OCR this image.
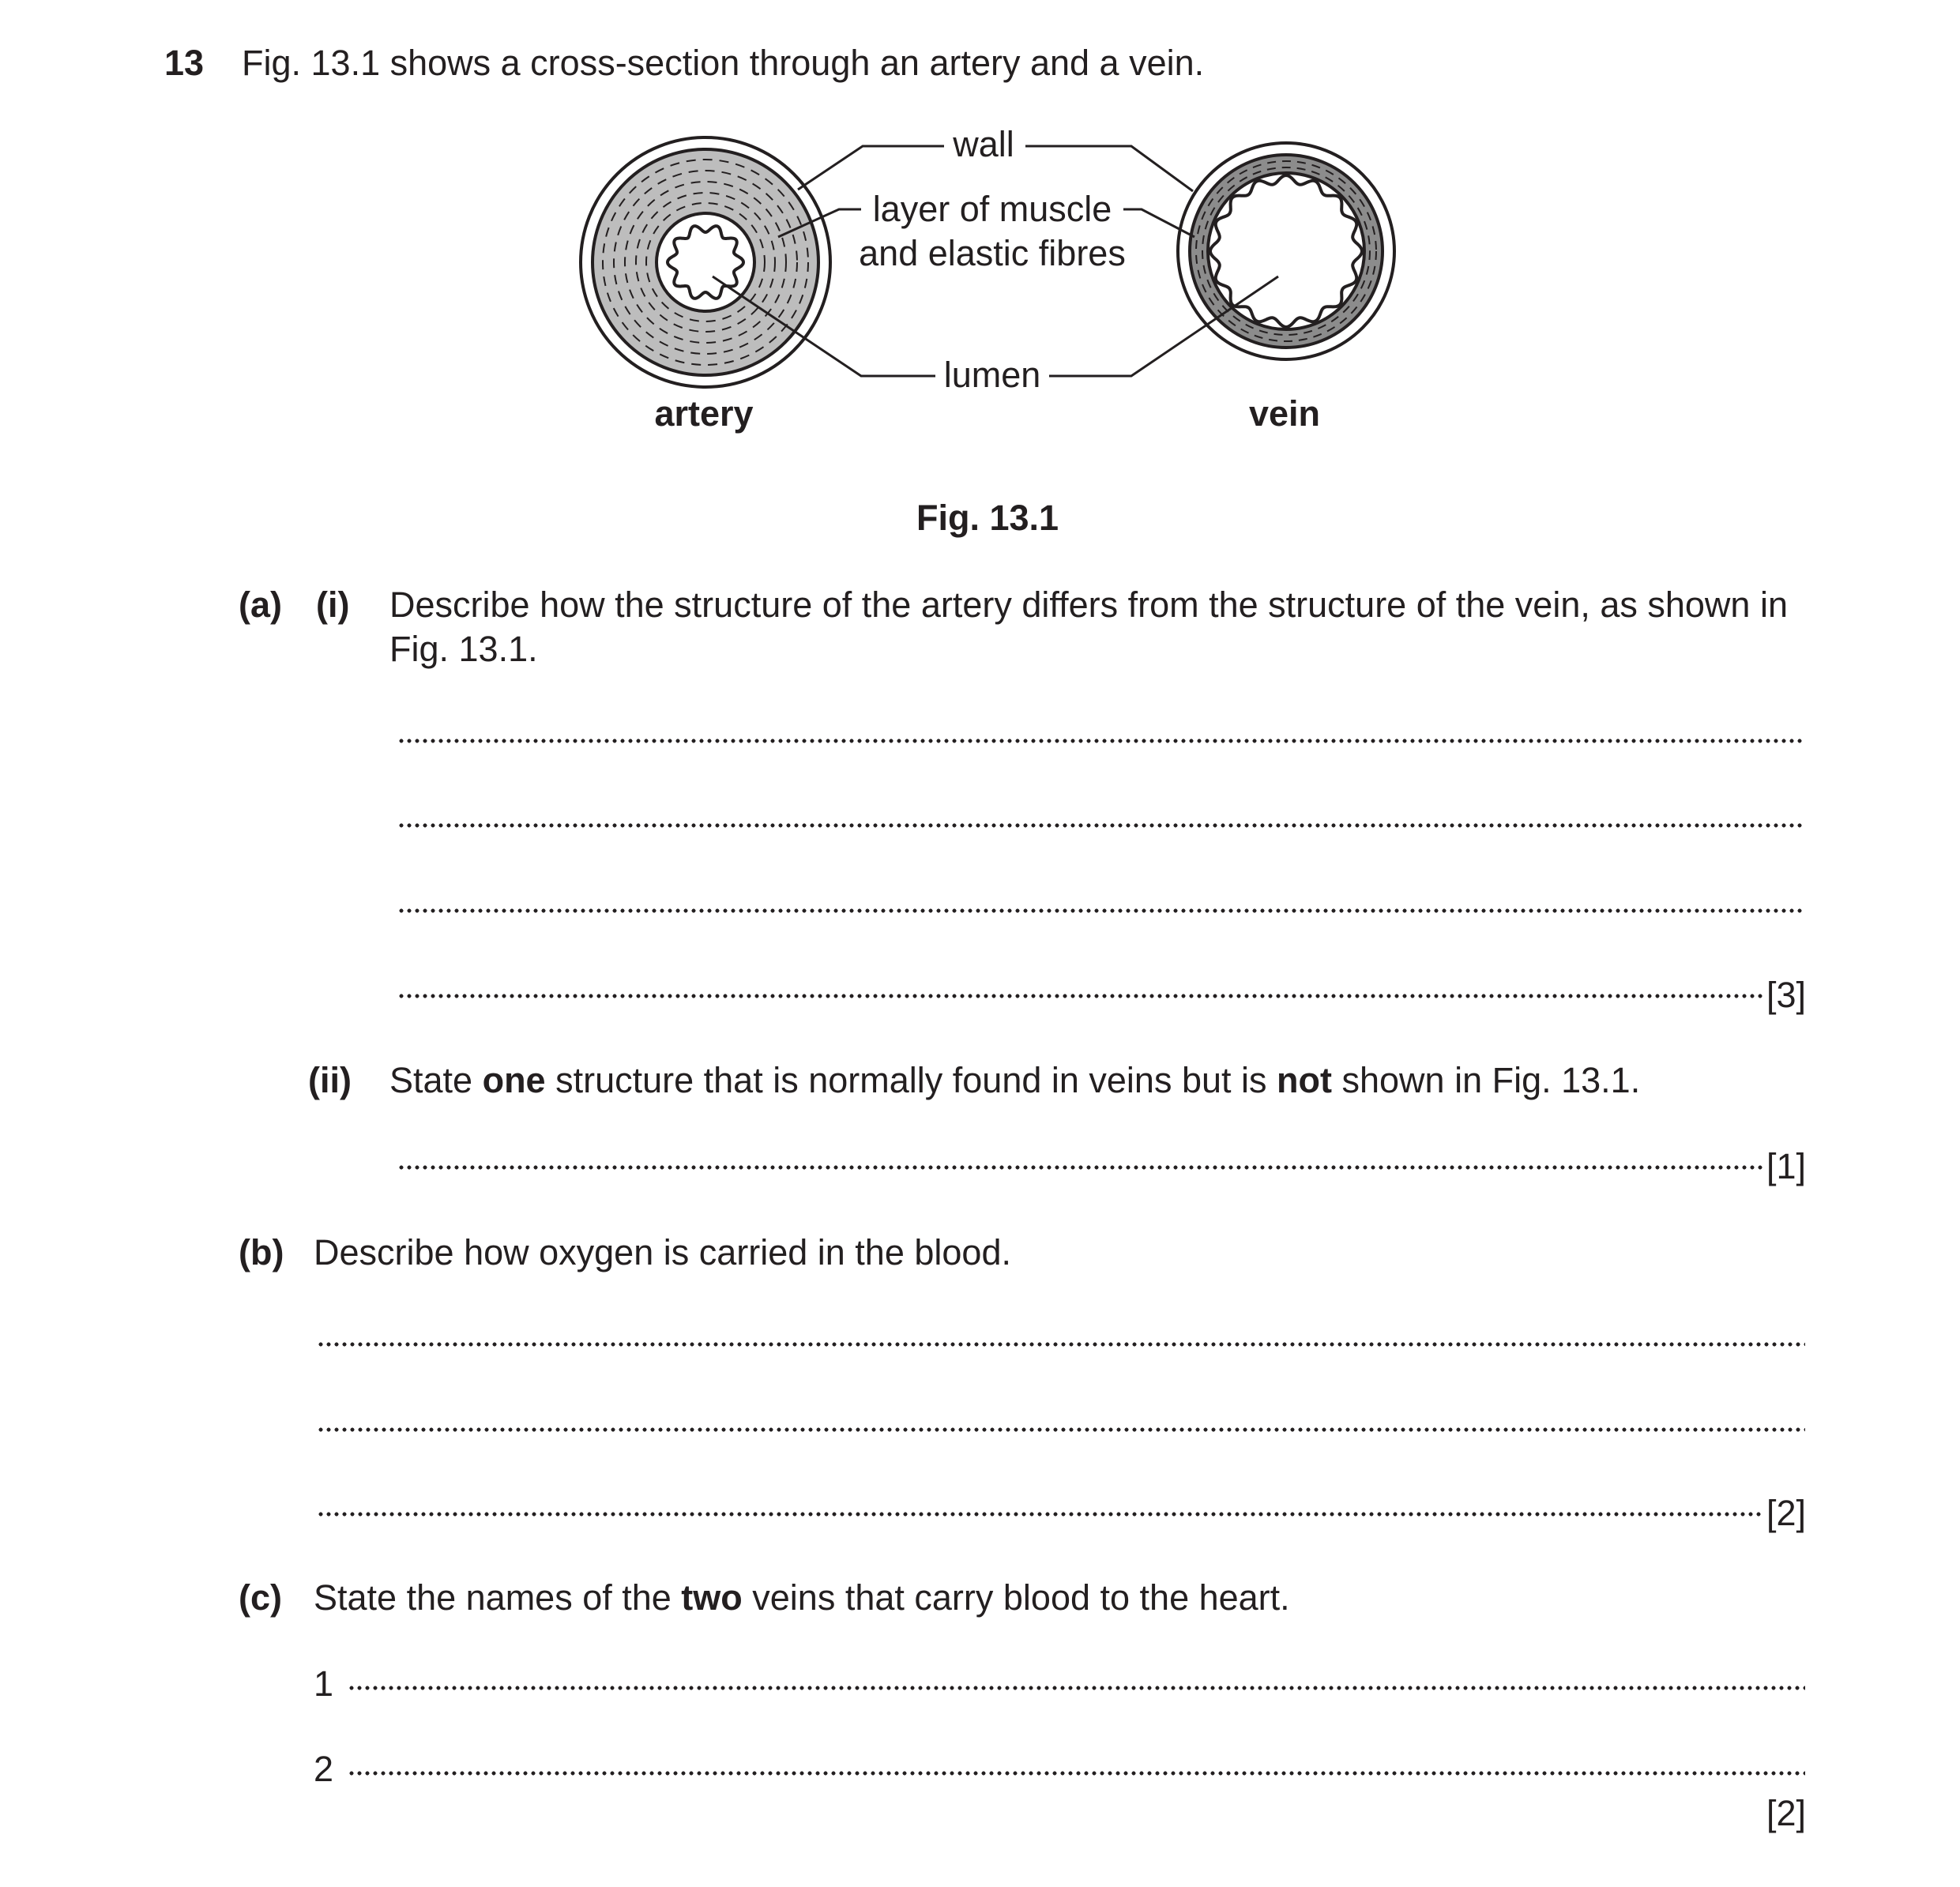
13 Fig. 13.1 shows a cross-section through an artery and a vein.
wall
layer of muscle
and elastic fibres
lumen
artery	vein
Fig. 13.1
(a) (i) Describe how the structure of the artery differs from the structure of the vein, as shown in
Fig. 13.1.
[3]
(ii) State one structure that is normally found in veins but is not shown in Fig. 13.1.
[1]
(b) Describe how oxygen is carried in the blood.
[2]
(c) State the names of the two veins that carry blood to the heart.
1
2
[2]
